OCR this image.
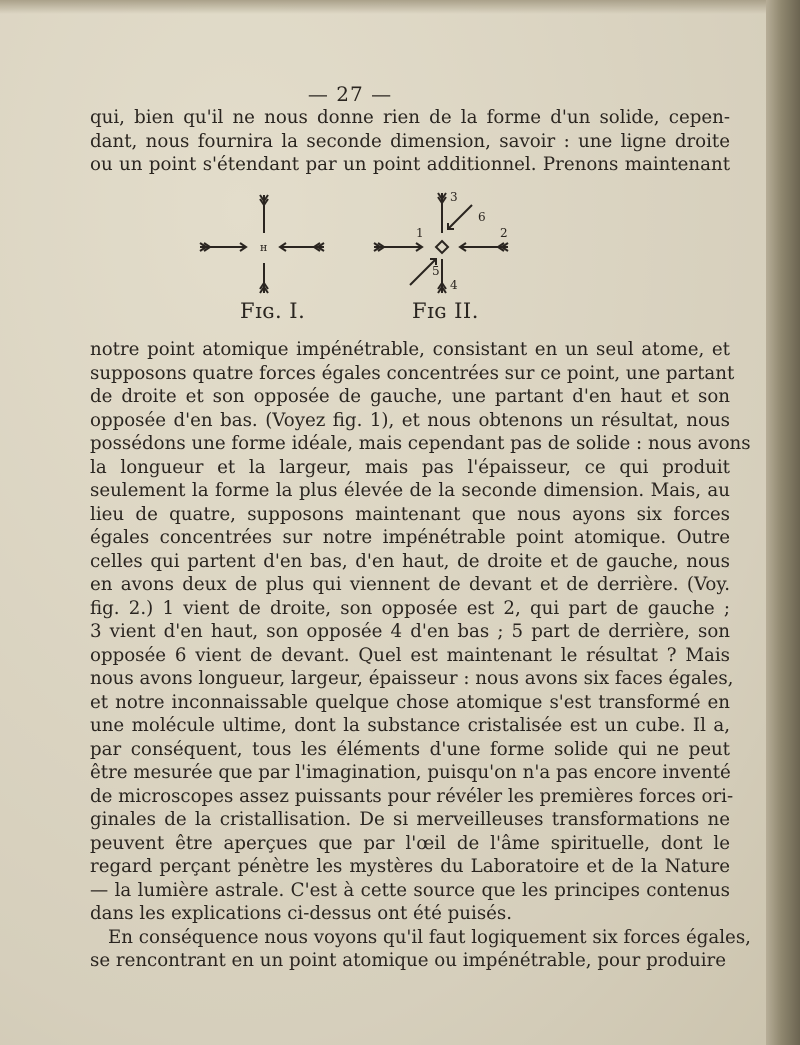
— 27 —
qui, bien qu'il ne nous donne rien de la forme d'un solide, cepen-
dant, nous fournira la seconde dimension, savoir : une ligne droite
ou un point s'étendant par un point additionnel. Prenons maintenant
н
Fɪɢ. I.
3
6
2
1
5
4
Fɪɢ II.
notre point atomique impénétrable, consistant en un seul atome, et
supposons quatre forces égales concentrées sur ce point, une partant
de droite et son opposée de gauche, une partant d'en haut et son
opposée d'en bas. (Voyez fig. 1), et nous obtenons un résultat, nous
possédons une forme idéale, mais cependant pas de solide : nous avons
la longueur et la largeur, mais pas l'épaisseur, ce qui produit
seulement la forme la plus élevée de la seconde dimension. Mais, au
lieu de quatre, supposons maintenant que nous ayons six forces
égales concentrées sur notre impénétrable point atomique. Outre
celles qui partent d'en bas, d'en haut, de droite et de gauche, nous
en avons deux de plus qui viennent de devant et de derrière. (Voy.
fig. 2.) 1 vient de droite, son opposée est 2, qui part de gauche ;
3 vient d'en haut, son opposée 4 d'en bas ; 5 part de derrière, son
opposée 6 vient de devant. Quel est maintenant le résultat ? Mais
nous avons longueur, largeur, épaisseur : nous avons six faces égales,
et notre inconnaissable quelque chose atomique s'est transformé en
une molécule ultime, dont la substance cristalisée est un cube. Il a,
par conséquent, tous les éléments d'une forme solide qui ne peut
être mesurée que par l'imagination, puisqu'on n'a pas encore inventé
de microscopes assez puissants pour révéler les premières forces ori-
ginales de la cristallisation. De si merveilleuses transformations ne
peuvent être aperçues que par l'œil de l'âme spirituelle, dont le
regard perçant pénètre les mystères du Laboratoire et de la Nature
— la lumière astrale. C'est à cette source que les principes contenus
dans les explications ci-dessus ont été puisés.
En conséquence nous voyons qu'il faut logiquement six forces égales,
se rencontrant en un point atomique ou impénétrable, pour produire
